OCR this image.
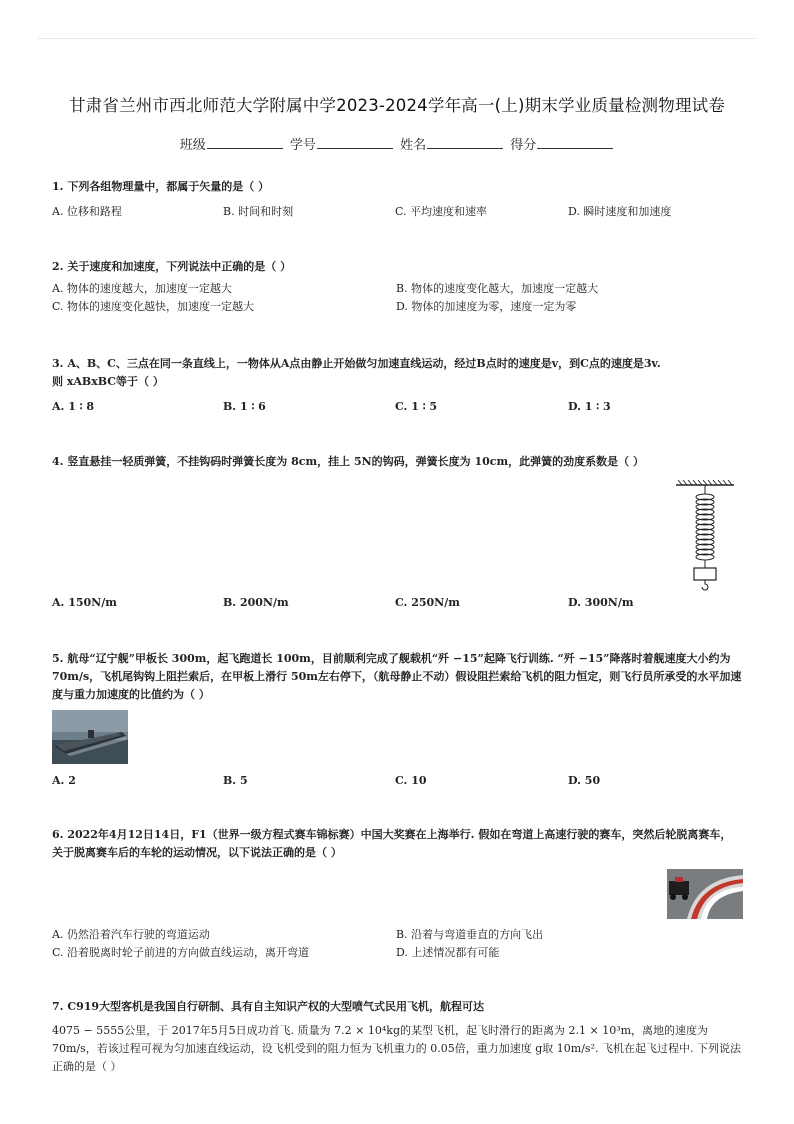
甘肃省兰州市西北师范大学附属中学2023-2024学年高一(上)期末学业质量检测物理试卷
班级	学号	姓名	得分
1. 下列各组物理量中，都属于矢量的是（ ）
A. 位移和路程	B. 时间和时刻	C. 平均速度和速率	D. 瞬时速度和加速度
2. 关于速度和加速度，下列说法中正确的是（ ）
A. 物体的速度越大，加速度一定越大	B. 物体的速度变化越大，加速度一定越大
C. 物体的速度变化越快，加速度一定越大	D. 物体的加速度为零，速度一定为零
3. A、B、C、三点在同一条直线上，一物体从A点由静止开始做匀加速直线运动，经过B点时的速度是v，到C点的速度是3v.
则 xABxBC等于（ ）
A. 1 ∶ 8	B. 1 ∶ 6	C. 1 ∶ 5	D. 1 ∶ 3
4. 竖直悬挂一轻质弹簧，不挂钩码时弹簧长度为 8cm，挂上 5N的钩码，弹簧长度为 10cm，此弹簧的劲度系数是（ ）
A. 150N/m	B. 200N/m	C. 250N/m	D. 300N/m
5. 航母“辽宁舰”甲板长 300m，起飞跑道长 100m，目前顺利完成了舰载机“歼 −15”起降飞行训练. “歼 −15”降落时着舰速度大小约为 70m/s，飞机尾钩钩上阻拦索后，在甲板上滑行 50m左右停下，（航母静止不动）假设阻拦索给飞机的阻力恒定，则飞行员所承受的水平加速度与重力加速度的比值约为（ ）
A. 2	B. 5	C. 10	D. 50
6. 2022年4月12日14日，F1（世界一级方程式赛车锦标赛）中国大奖赛在上海举行. 假如在弯道上高速行驶的赛车，突然后轮脱离赛车，关于脱离赛车后的车轮的运动情况，以下说法正确的是（ ）
A. 仍然沿着汽车行驶的弯道运动	B. 沿着与弯道垂直的方向飞出
C. 沿着脱离时轮子前进的方向做直线运动，离开弯道	D. 上述情况都有可能
7. C919大型客机是我国自行研制、具有自主知识产权的大型喷气式民用飞机，航程可达
4075 − 5555公里，于 2017年5月5日成功首飞. 质量为 7.2 × 10⁴kg的某型飞机，起飞时滑行的距离为 2.1 × 10³m，离地的速度为 70m/s，若该过程可视为匀加速直线运动，设飞机受到的阻力恒为飞机重力的 0.05倍，重力加速度 g取 10m/s². 飞机在起飞过程中. 下列说法正确的是（ ）
